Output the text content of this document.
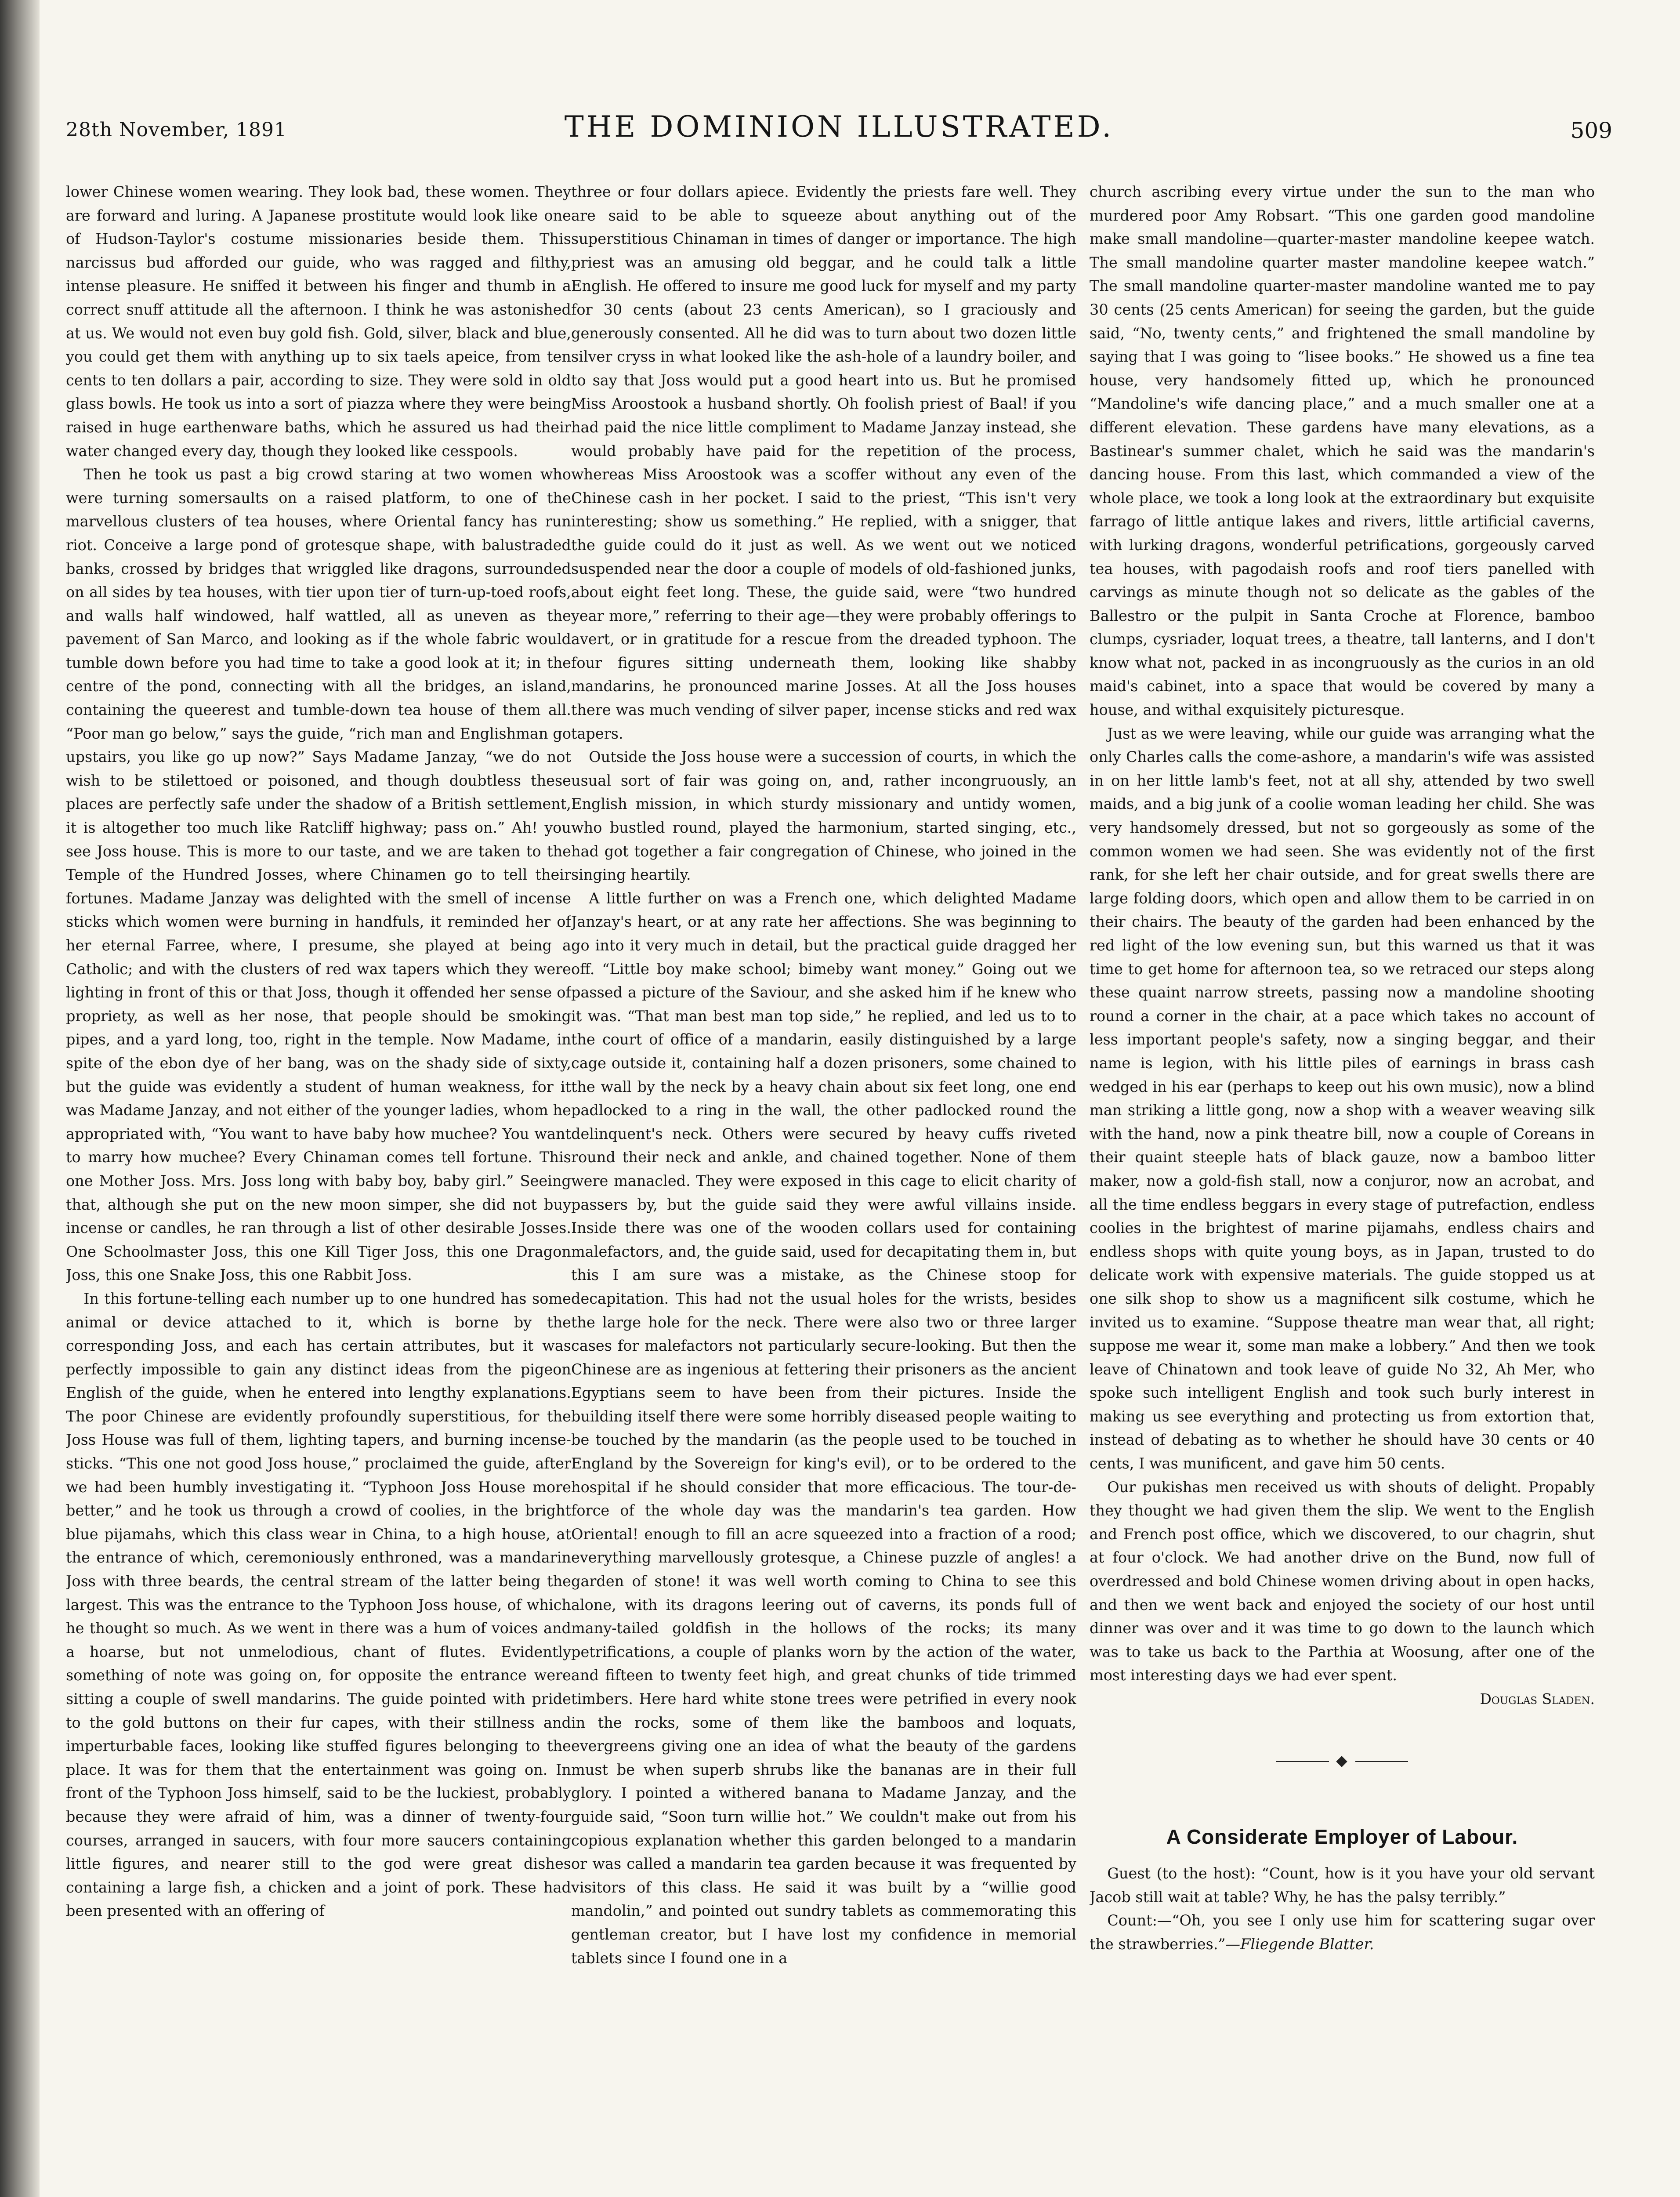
28th November, 1891	THE DOMINION ILLUSTRATED.	509

lower Chinese women wearing. They look bad, these women. They are forward and luring. A Japanese prostitute would look like one of Hudson-Taylor's costume missionaries beside them. This narcissus bud afforded our guide, who was ragged and filthy, intense pleasure. He sniffed it between his finger and thumb in a correct snuff attitude all the afternoon. I think he was astonished at us. We would not even buy gold fish. Gold, silver, black and blue, you could get them with anything up to six taels apeice, from ten cents to ten dollars a pair, according to size. They were sold in old glass bowls. He took us into a sort of piazza where they were being raised in huge earthenware baths, which he assured us had their water changed every day, though they looked like cesspools.

Then he took us past a big crowd staring at two women who were turning somersaults on a raised platform, to one of the marvellous clusters of tea houses, where Oriental fancy has run riot. Conceive a large pond of grotesque shape, with balustraded banks, crossed by bridges that wriggled like dragons, surrounded on all sides by tea houses, with tier upon tier of turn-up-toed roofs, and walls half windowed, half wattled, all as uneven as the pavement of San Marco, and looking as if the whole fabric would tumble down before you had time to take a good look at it; in the centre of the pond, connecting with all the bridges, an island, containing the queerest and tumble-down tea house of them all. “Poor man go below,” says the guide, “rich man and Englishman go upstairs, you like go up now?” Says Madame Janzay, “we do not wish to be stilettoed or poisoned, and though doubtless these places are perfectly safe under the shadow of a British settlement, it is altogether too much like Ratcliff highway; pass on.” Ah! you see Joss house. This is more to our taste, and we are taken to the Temple of the Hundred Josses, where Chinamen go to tell their fortunes. Madame Janzay was delighted with the smell of incense sticks which women were burning in handfuls, it reminded her of her eternal Farree, where, I presume, she played at being a Catholic; and with the clusters of red wax tapers which they were lighting in front of this or that Joss, though it offended her sense of propriety, as well as her nose, that people should be smoking pipes, and a yard long, too, right in the temple. Now Madame, in spite of the ebon dye of her bang, was on the shady side of sixty, but the guide was evidently a student of human weakness, for it was Madame Janzay, and not either of the younger ladies, whom he appropriated with, “You want to have baby how muchee? You want to marry how muchee? Every Chinaman comes tell fortune. This one Mother Joss. Mrs. Joss long with baby boy, baby girl.” Seeing that, although she put on the new moon simper, she did not buy incense or candles, he ran through a list of other desirable Josses. One Schoolmaster Joss, this one Kill Tiger Joss, this one Dragon Joss, this one Snake Joss, this one Rabbit Joss.

In this fortune-telling each number up to one hundred has some animal or device attached to it, which is borne by the corresponding Joss, and each has certain attributes, but it was perfectly impossible to gain any distinct ideas from the pigeon English of the guide, when he entered into lengthy explanations. The poor Chinese are evidently profoundly superstitious, for the Joss House was full of them, lighting tapers, and burning incense-sticks. “This one not good Joss house,” proclaimed the guide, after we had been humbly investigating it. “Typhoon Joss House more better,” and he took us through a crowd of coolies, in the bright blue pijamahs, which this class wear in China, to a high house, at the entrance of which, ceremoniously enthroned, was a mandarin Joss with three beards, the central stream of the latter being the largest. This was the entrance to the Typhoon Joss house, of which he thought so much. As we went in there was a hum of voices and a hoarse, but not unmelodious, chant of flutes. Evidently something of note was going on, for opposite the entrance were sitting a couple of swell mandarins. The guide pointed with pride to the gold buttons on their fur capes, with their stillness and imperturbable faces, looking like stuffed figures belonging to the place. It was for them that the entertainment was going on. In front of the Typhoon Joss himself, said to be the luckiest, probably because they were afraid of him, was a dinner of twenty-four courses, arranged in saucers, with four more saucers containing little figures, and nearer still to the god were great dishes containing a large fish, a chicken and a joint of pork. These had been presented with an offering of

three or four dollars apiece. Evidently the priests fare well. They are said to be able to squeeze about anything out of the superstitious Chinaman in times of danger or importance. The high priest was an amusing old beggar, and he could talk a little English. He offered to insure me good luck for myself and my party for 30 cents (about 23 cents American), so I graciously and generously consented. All he did was to turn about two dozen little silver cryss in what looked like the ash-hole of a laundry boiler, and to say that Joss would put a good heart into us. But he promised Miss Aroostook a husband shortly. Oh foolish priest of Baal! if you had paid the nice little compliment to Madame Janzay instead, she would probably have paid for the repetition of the process, whereas Miss Aroostook was a scoffer without any even of the Chinese cash in her pocket. I said to the priest, “This isn't very interesting; show us something.” He replied, with a snigger, that the guide could do it just as well. As we went out we noticed suspended near the door a couple of models of old-fashioned junks, about eight feet long. These, the guide said, were “two hundred year more,” referring to their age—they were probably offerings to avert, or in gratitude for a rescue from the dreaded typhoon. The four figures sitting underneath them, looking like shabby mandarins, he pronounced marine Josses. At all the Joss houses there was much vending of silver paper, incense sticks and red wax tapers.

Outside the Joss house were a succession of courts, in which the usual sort of fair was going on, and, rather incongruously, an English mission, in which sturdy missionary and untidy women, who bustled round, played the harmonium, started singing, etc., had got together a fair congregation of Chinese, who joined in the singing heartily.

A little further on was a French one, which delighted Madame Janzay's heart, or at any rate her affections. She was beginning to go into it very much in detail, but the practical guide dragged her off. “Little boy make school; bimeby want money.” Going out we passed a picture of the Saviour, and she asked him if he knew who it was. “That man best man top side,” he replied, and led us to to the court of office of a mandarin, easily distinguished by a large cage outside it, containing half a dozen prisoners, some chained to the wall by the neck by a heavy chain about six feet long, one end padlocked to a ring in the wall, the other padlocked round the delinquent's neck. Others were secured by heavy cuffs riveted round their neck and ankle, and chained together. None of them were manacled. They were exposed in this cage to elicit charity of passers by, but the guide said they were awful villains inside. Inside there was one of the wooden collars used for containing malefactors, and, the guide said, used for decapitating them in, but this I am sure was a mistake, as the Chinese stoop for decapitation. This had not the usual holes for the wrists, besides the large hole for the neck. There were also two or three larger cases for malefactors not particularly secure-looking. But then the Chinese are as ingenious at fettering their prisoners as the ancient Egyptians seem to have been from their pictures. Inside the building itself there were some horribly diseased people waiting to be touched by the mandarin (as the people used to be touched in England by the Sovereign for king's evil), or to be ordered to the hospital if he should consider that more efficacious. The tour-de-force of the whole day was the mandarin's tea garden. How Oriental! enough to fill an acre squeezed into a fraction of a rood; everything marvellously grotesque, a Chinese puzzle of angles! a garden of stone! it was well worth coming to China to see this alone, with its dragons leering out of caverns, its ponds full of many-tailed goldfish in the hollows of the rocks; its many petrifications, a couple of planks worn by the action of the water, and fifteen to twenty feet high, and great chunks of tide trimmed timbers. Here hard white stone trees were petrified in every nook in the rocks, some of them like the bamboos and loquats, evergreens giving one an idea of what the beauty of the gardens must be when superb shrubs like the bananas are in their full glory. I pointed a withered banana to Madame Janzay, and the guide said, “Soon turn willie hot.” We couldn't make out from his copious explanation whether this garden belonged to a mandarin or was called a mandarin tea garden because it was frequented by visitors of this class. He said it was built by a “willie good mandolin,” and pointed out sundry tablets as commemorating this gentleman creator, but I have lost my confidence in memorial tablets since I found one in a

church ascribing every virtue under the sun to the man who murdered poor Amy Robsart. “This one garden good mandoline make small mandoline—quarter-master mandoline keepee watch. The small mandoline quarter master mandoline keepee watch.” The small mandoline quarter-master mandoline wanted me to pay 30 cents (25 cents American) for seeing the garden, but the guide said, “No, twenty cents,” and frightened the small mandoline by saying that I was going to “lisee books.” He showed us a fine tea house, very handsomely fitted up, which he pronounced “Mandoline's wife dancing place,” and a much smaller one at a different elevation. These gardens have many elevations, as a Bastinear's summer chalet, which he said was the mandarin's dancing house. From this last, which commanded a view of the whole place, we took a long look at the extraordinary but exquisite farrago of little antique lakes and rivers, little artificial caverns, with lurking dragons, wonderful petrifications, gorgeously carved tea houses, with pagodaish roofs and roof tiers panelled with carvings as minute though not so delicate as the gables of the Ballestro or the pulpit in Santa Croche at Florence, bamboo clumps, cysriader, loquat trees, a theatre, tall lanterns, and I don't know what not, packed in as incongruously as the curios in an old maid's cabinet, into a space that would be covered by many a house, and withal exquisitely picturesque.

Just as we were leaving, while our guide was arranging what the only Charles calls the come-ashore, a mandarin's wife was assisted in on her little lamb's feet, not at all shy, attended by two swell maids, and a big junk of a coolie woman leading her child. She was very handsomely dressed, but not so gorgeously as some of the common women we had seen. She was evidently not of the first rank, for she left her chair outside, and for great swells there are large folding doors, which open and allow them to be carried in on their chairs. The beauty of the garden had been enhanced by the red light of the low evening sun, but this warned us that it was time to get home for afternoon tea, so we retraced our steps along these quaint narrow streets, passing now a mandoline shooting round a corner in the chair, at a pace which takes no account of less important people's safety, now a singing beggar, and their name is legion, with his little piles of earnings in brass cash wedged in his ear (perhaps to keep out his own music), now a blind man striking a little gong, now a shop with a weaver weaving silk with the hand, now a pink theatre bill, now a couple of Coreans in their quaint steeple hats of black gauze, now a bamboo litter maker, now a gold-fish stall, now a conjuror, now an acrobat, and all the time endless beggars in every stage of putrefaction, endless coolies in the brightest of marine pijamahs, endless chairs and endless shops with quite young boys, as in Japan, trusted to do delicate work with expensive materials. The guide stopped us at one silk shop to show us a magnificent silk costume, which he invited us to examine. “Suppose theatre man wear that, all right; suppose me wear it, some man make a lobbery.” And then we took leave of Chinatown and took leave of guide No 32, Ah Mer, who spoke such intelligent English and took such burly interest in making us see everything and protecting us from extortion that, instead of debating as to whether he should have 30 cents or 40 cents, I was munificent, and gave him 50 cents.

Our pukishas men received us with shouts of delight. Propably they thought we had given them the slip. We went to the English and French post office, which we discovered, to our chagrin, shut at four o'clock. We had another drive on the Bund, now full of overdressed and bold Chinese women driving about in open hacks, and then we went back and enjoyed the society of our host until dinner was over and it was time to go down to the launch which was to take us back to the Parthia at Woosung, after one of the most interesting days we had ever spent.

Douglas Sladen.

A Considerate Employer of Labour.

Guest (to the host): “Count, how is it you have your old servant Jacob still wait at table? Why, he has the palsy terribly.”

Count:—“Oh, you see I only use him for scattering sugar over the strawberries.”—Fliegende Blatter.
